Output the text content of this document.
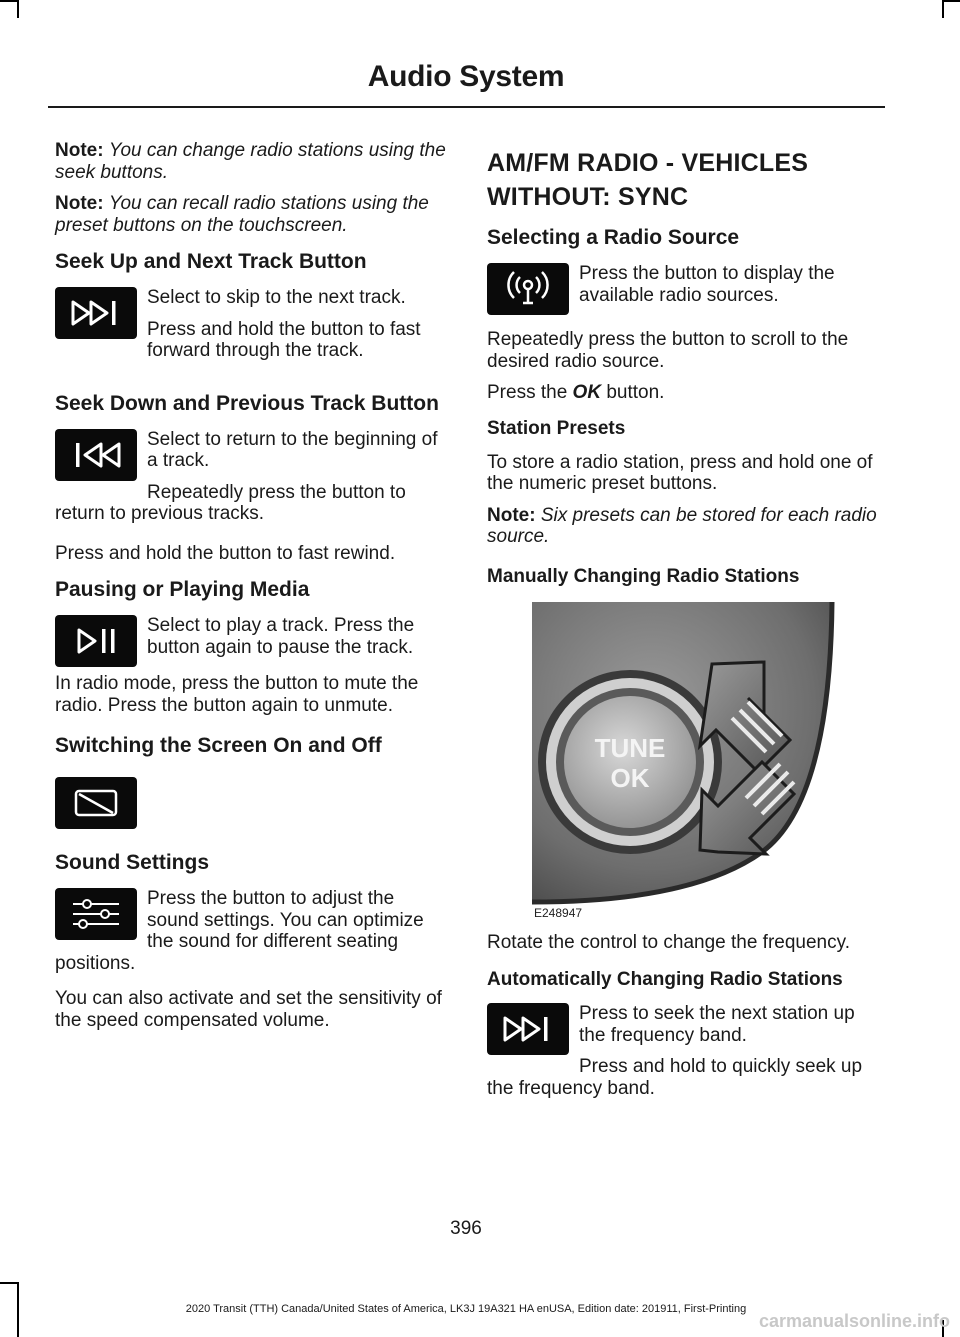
Audio System

Note: You can change radio stations using the seek buttons.

Note: You can recall radio stations using the preset buttons on the touchscreen.

Seek Up and Next Track Button

Select to skip to the next track.

Press and hold the button to fast forward through the track.

Seek Down and Previous Track Button

Select to return to the beginning of a track.

Repeatedly press the button to return to previous tracks.

Press and hold the button to fast rewind.

Pausing or Playing Media

Select to play a track. Press the button again to pause the track.

In radio mode, press the button to mute the radio. Press the button again to unmute.

Switching the Screen On and Off
Sound Settings

Press the button to adjust the sound settings. You can optimize the sound for different seating positions.

You can also activate and set the sensitivity of the speed compensated volume.

AM/FM RADIO - VEHICLES
WITHOUT: SYNC
Selecting a Radio Source

Press the button to display the available radio sources.

Repeatedly press the button to scroll to the desired radio source.

Press the OK button.

Station Presets

To store a radio station, press and hold one of the numeric preset buttons.

Note: Six presets can be stored for each radio source.

Manually Changing Radio Stations
TUNE
OK
E248947

Rotate the control to change the frequency.

Automatically Changing Radio Stations

Press to seek the next station up the frequency band.

Press and hold to quickly seek up the frequency band.

396
2020 Transit (TTH) Canada/United States of America, LK3J 19A321 HA enUSA, Edition date: 201911, First-Printing
carmanualsonline.info
